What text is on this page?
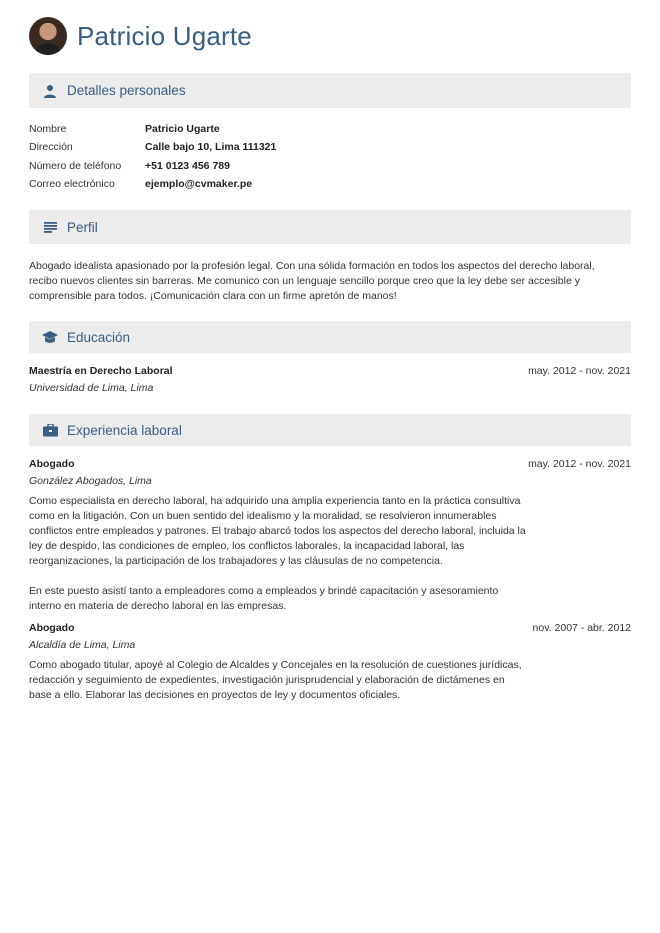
Patricio Ugarte
Detalles personales
Nombre	Patricio Ugarte
Dirección	Calle bajo 10, Lima 111321
Número de teléfono	+51 0123 456 789
Correo electrónico	ejemplo@cvmaker.pe
Perfil

Abogado idealista apasionado por la profesión legal. Con una sólida formación en todos los aspectos del derecho laboral, recibo nuevos clientes sin barreras. Me comunico con un lenguaje sencillo porque creo que la ley debe ser accesible y comprensible para todos. ¡Comunicación clara con un firme apretón de manos!

Educación
Maestría en Derecho Laboral	may. 2012 - nov. 2021
Universidad de Lima, Lima
Experiencia laboral
Abogado	may. 2012 - nov. 2021
González Abogados, Lima

Como especialista en derecho laboral, ha adquirido una amplia experiencia tanto en la práctica consultiva como en la litigación. Con un buen sentido del idealismo y la moralidad, se resolvieron innumerables conflictos entre empleados y patrones. El trabajo abarcó todos los aspectos del derecho laboral, incluida la ley de despido, las condiciones de empleo, los conflictos laborales, la incapacidad laboral, las reorganizaciones, la participación de los trabajadores y las cláusulas de no competencia.

En este puesto asistí tanto a empleadores como a empleados y brindé capacitación y asesoramiento interno en materia de derecho laboral en las empresas.

Abogado	nov. 2007 - abr. 2012
Alcaldía de Lima, Lima

Como abogado titular, apoyé al Colegio de Alcaldes y Concejales en la resolución de cuestiones jurídicas, redacción y seguimiento de expedientes, investigación jurisprudencial y elaboración de dictámenes en base a ello. Elaborar las decisiones en proyectos de ley y documentos oficiales.
